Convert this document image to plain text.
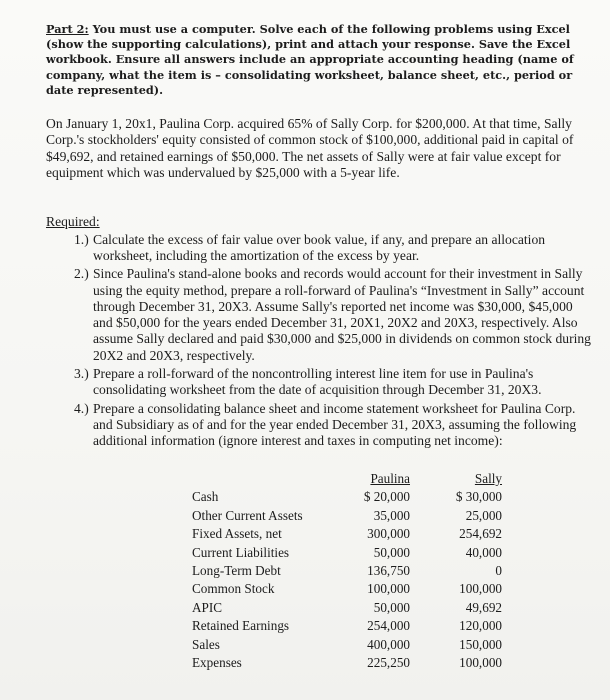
Part 2: You must use a computer. Solve each of the following problems using Excel (show the supporting calculations), print and attach your response. Save the Excel workbook. Ensure all answers include an appropriate accounting heading (name of company, what the item is – consolidating worksheet, balance sheet, etc., period or date represented).

On January 1, 20x1, Paulina Corp. acquired 65% of Sally Corp. for $200,000. At that time, Sally Corp.'s stockholders' equity consisted of common stock of $100,000, additional paid in capital of $49,692, and retained earnings of $50,000. The net assets of Sally were at fair value except for equipment which was undervalued by $25,000 with a 5-year life.

Required:
1.) Calculate the excess of fair value over book value, if any, and prepare an allocation worksheet, including the amortization of the excess by year.
2.) Since Paulina's stand-alone books and records would account for their investment in Sally using the equity method, prepare a roll-forward of Paulina's “Investment in Sally” account through December 31, 20X3. Assume Sally's reported net income was $30,000, $45,000 and $50,000 for the years ended December 31, 20X1, 20X2 and 20X3, respectively. Also assume Sally declared and paid $30,000 and $25,000 in dividends on common stock during 20X2 and 20X3, respectively.
3.) Prepare a roll-forward of the noncontrolling interest line item for use in Paulina's consolidating worksheet from the date of acquisition through December 31, 20X3.
4.) Prepare a consolidating balance sheet and income statement worksheet for Paulina Corp. and Subsidiary as of and for the year ended December 31, 20X3, assuming the following additional information (ignore interest and taxes in computing net income):
	Paulina	Sally
Cash	$ 20,000	$ 30,000
Other Current Assets	35,000	25,000
Fixed Assets, net	300,000	254,692
Current Liabilities	50,000	40,000
Long-Term Debt	136,750	0
Common Stock	100,000	100,000
APIC	50,000	49,692
Retained Earnings	254,000	120,000
Sales	400,000	150,000
Expenses	225,250	100,000
